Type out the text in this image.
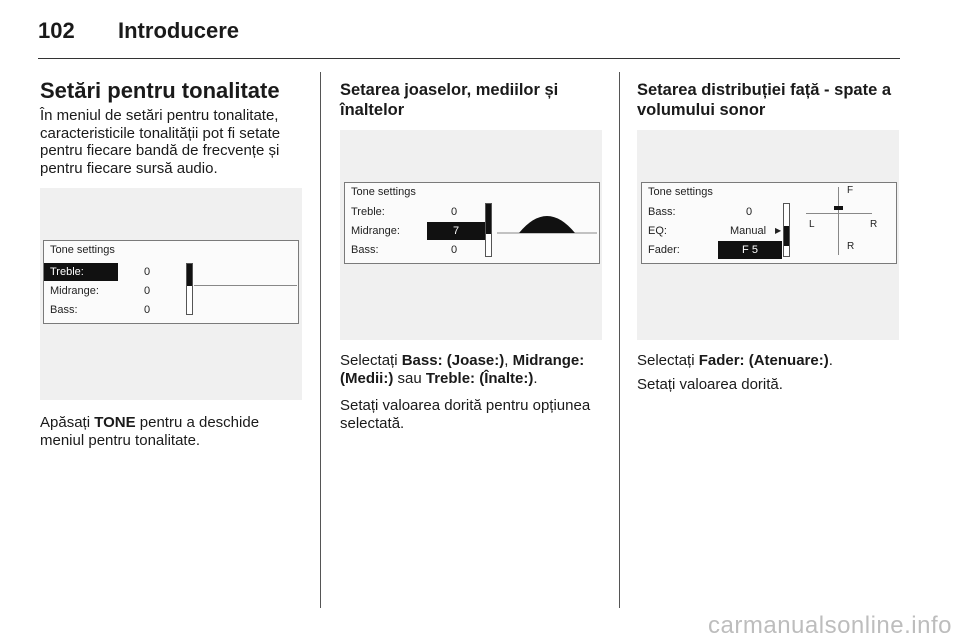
102 Introducere
Setări pentru tonalitate

În meniul de setări pentru tonalitate, caracteristicile tonalității pot fi setate pentru fiecare bandă de frecvențe și pentru fiecare sursă audio.

Tone settings
Treble:	0
Midrange:	0
Bass:	0

Apăsați TONE pentru a deschide meniul pentru tonalitate.

Setarea joaselor, mediilor și înaltelor
Tone settings
Treble:	0
Midrange:	7
Bass:	0

Selectați Bass: (Joase:), Midrange: (Medii:) sau Treble: (Înalte:).

Setați valoarea dorită pentru opțiunea selectată.

Setarea distribuției față - spate a volumului sonor
Tone settings
Bass:	0
EQ:	Manual ▶
Fader:	F 5
F
L	R
R

Selectați Fader: (Atenuare:).

Setați valoarea dorită.

carmanualsonline.info
